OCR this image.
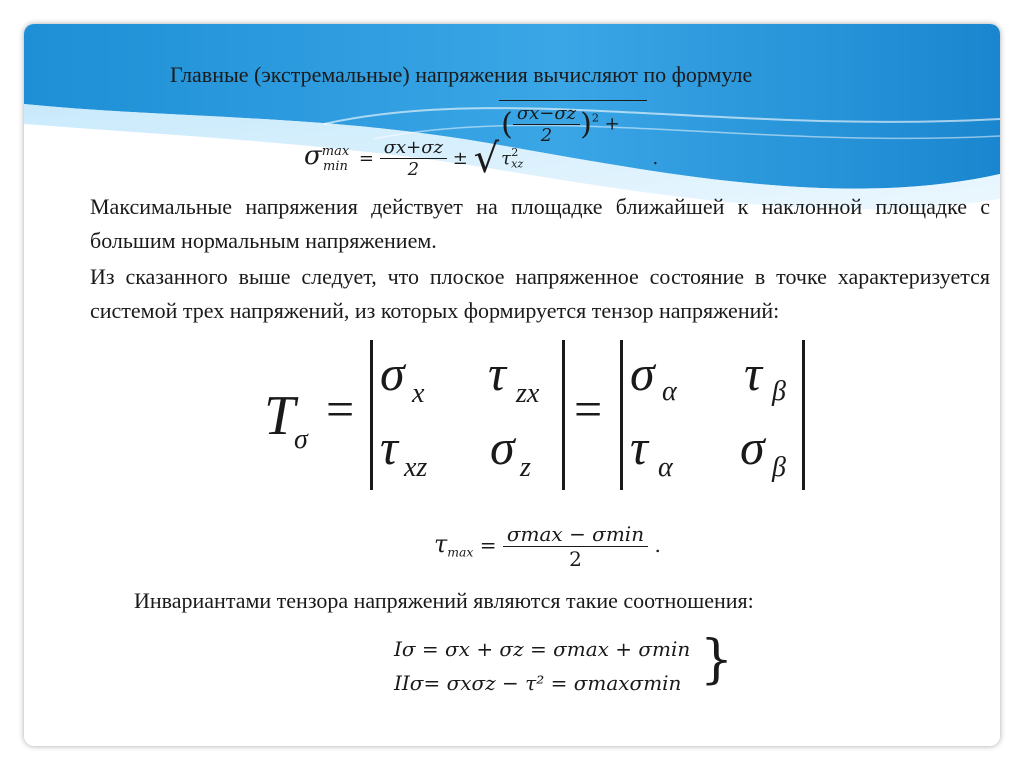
Главные (экстремальные) напряжения вычисляют по формуле
σ max
$\min = \frac{\sigma x+\sigma z}{2}$ ± √( $\frac{\sigma x-\sigma z}{2} )^2 + \tau_{xz}^2$	.
Максимальные напряжения действует на площадке ближайшей к наклонной площадке с большим нормальным напряжением.
Из сказанного выше следует, что плоское напряженное состояние в точке характеризуется системой трех напряжений, из которых формируется тензор напряжений:
T
σ
=
σ x τ zx
τ xz σ z
=
σ α τ β
τ α σ β
$\tau_{max} = \frac{\sigma\max - \sigma\min}{2}$ .
Инвариантами тензора напряжений являются такие соотношения:
Iσ = σx + σz = σmax + σmin
IIσ= σxσz − τ² = σmaxσmin }
